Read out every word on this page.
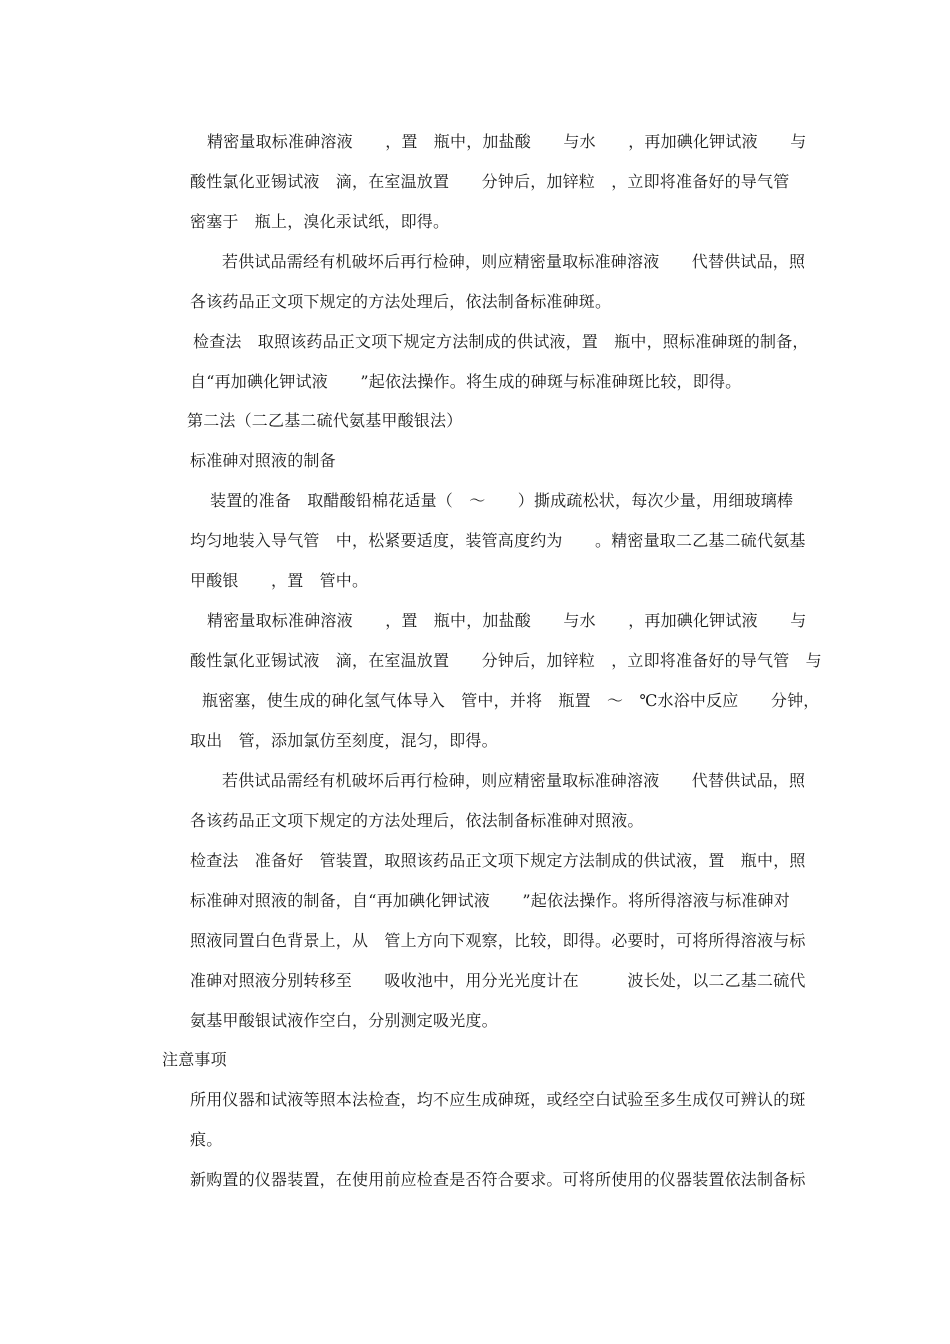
精密量取标准砷溶液　　，置　瓶中，加盐酸　　与水　　，再加碘化钾试液　　与
酸性氯化亚锡试液　滴，在室温放置　　分钟后，加锌粒　，立即将准备好的导气管
密塞于　瓶上，溴化汞试纸，即得。
若供试品需经有机破坏后再行检砷，则应精密量取标准砷溶液　　代替供试品，照
各该药品正文项下规定的方法处理后，依法制备标准砷斑。
检查法　取照该药品正文项下规定方法制成的供试液，置　瓶中，照标准砷斑的制备，
自“再加碘化钾试液　　”起依法操作。将生成的砷斑与标准砷斑比较，即得。
第二法（二乙基二硫代氨基甲酸银法）
标准砷对照液的制备
装置的准备　取醋酸铅棉花适量（　～　　）撕成疏松状，每次少量，用细玻璃棒
均匀地装入导气管　中，松紧要适度，装管高度约为　　。精密量取二乙基二硫代氨基
甲酸银　　，置　管中。
精密量取标准砷溶液　　，置　瓶中，加盐酸　　与水　　，再加碘化钾试液　　与
酸性氯化亚锡试液　滴，在室温放置　　分钟后，加锌粒　，立即将准备好的导气管　与
瓶密塞，使生成的砷化氢气体导入　管中，并将　瓶置　～　℃水浴中反应　　分钟，
取出　管，添加氯仿至刻度，混匀，即得。
若供试品需经有机破坏后再行检砷，则应精密量取标准砷溶液　　代替供试品，照
各该药品正文项下规定的方法处理后，依法制备标准砷对照液。
检查法　准备好　管装置，取照该药品正文项下规定方法制成的供试液，置　瓶中，照
标准砷对照液的制备，自“再加碘化钾试液　　”起依法操作。将所得溶液与标准砷对
照液同置白色背景上，从　管上方向下观察，比较，即得。必要时，可将所得溶液与标
准砷对照液分别转移至　　吸收池中，用分光光度计在　　　波长处，以二乙基二硫代
氨基甲酸银试液作空白，分别测定吸光度。
注意事项
所用仪器和试液等照本法检查，均不应生成砷斑，或经空白试验至多生成仅可辨认的斑
痕。
新购置的仪器装置，在使用前应检查是否符合要求。可将所使用的仪器装置依法制备标
